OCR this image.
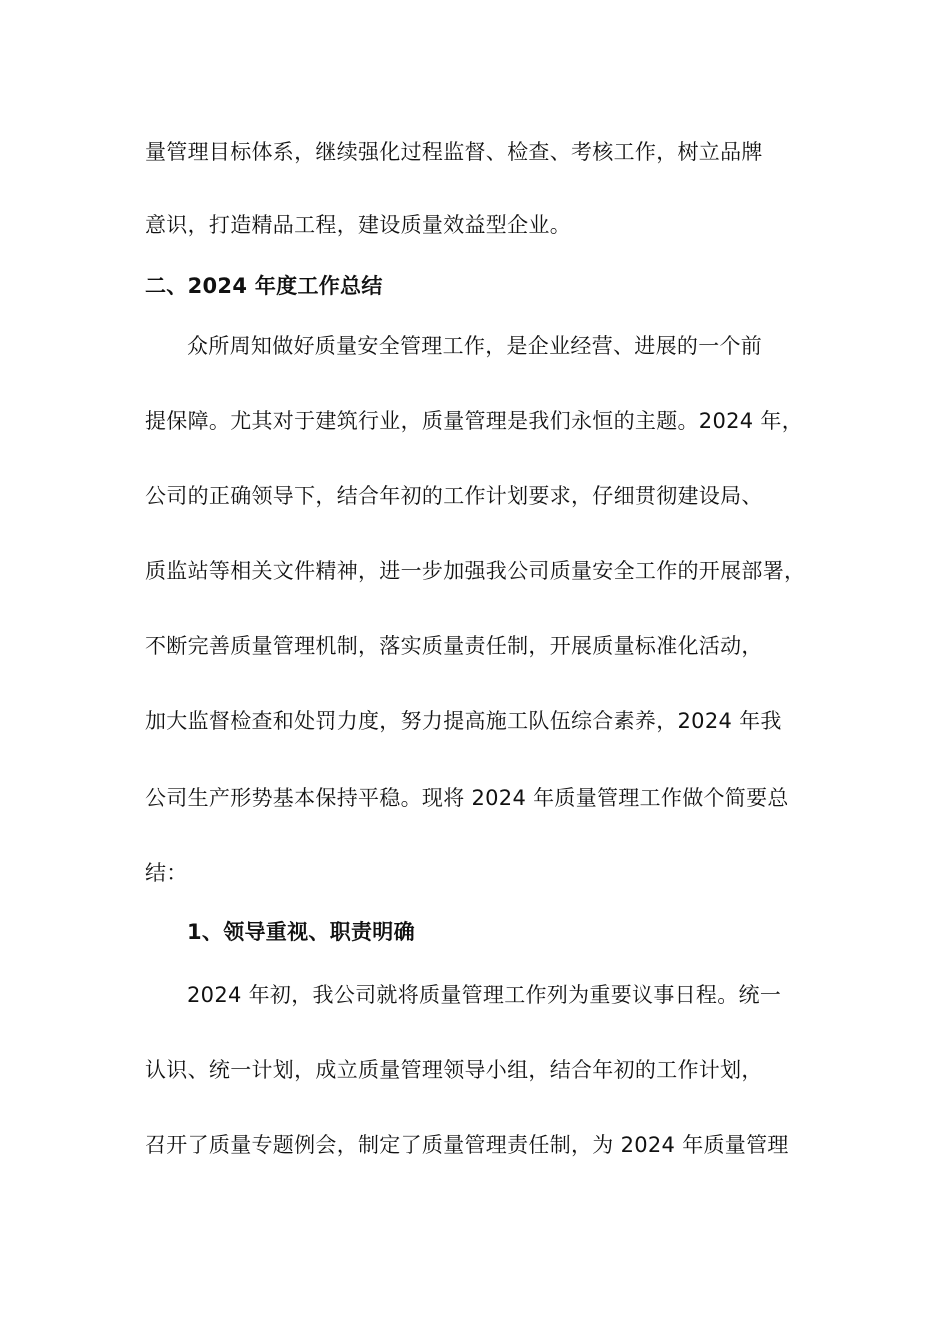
量管理目标体系，继续强化过程监督、检查、考核工作，树立品牌
意识，打造精品工程，建设质量效益型企业。
二、2024 年度工作总结
众所周知做好质量安全管理工作，是企业经营、进展的一个前
提保障。尤其对于建筑行业，质量管理是我们永恒的主题。2024 年，
公司的正确领导下，结合年初的工作计划要求，仔细贯彻建设局、
质监站等相关文件精神，进一步加强我公司质量安全工作的开展部署，
不断完善质量管理机制，落实质量责任制，开展质量标准化活动，
加大监督检查和处罚力度，努力提高施工队伍综合素养，2024 年我
公司生产形势基本保持平稳。现将 2024 年质量管理工作做个简要总
结：
1、领导重视、职责明确
2024 年初，我公司就将质量管理工作列为重要议事日程。统一
认识、统一计划，成立质量管理领导小组，结合年初的工作计划，
召开了质量专题例会，制定了质量管理责任制，为 2024 年质量管理
